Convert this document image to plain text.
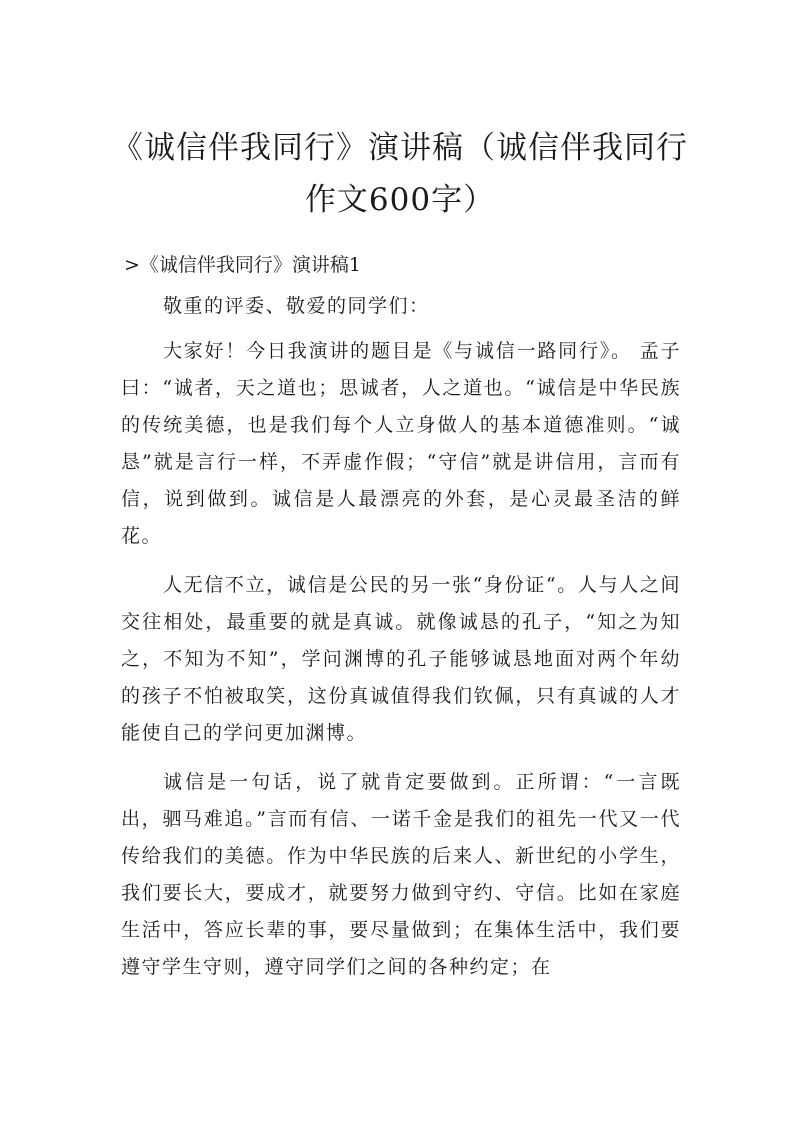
《诚信伴我同行》演讲稿（诚信伴我同行作文600字）
>《诚信伴我同行》演讲稿1

敬重的评委、敬爱的同学们：

大家好！今日我演讲的题目是《与诚信一路同行》。 孟子曰：“诚者，天之道也；思诚者，人之道也。“诚信是中华民族的传统美德，也是我们每个人立身做人的基本道德准则。“诚恳”就是言行一样，不弄虚作假；“守信”就是讲信用，言而有信，说到做到。诚信是人最漂亮的外套，是心灵最圣洁的鲜花。

人无信不立，诚信是公民的另一张“身份证“。人与人之间交往相处，最重要的就是真诚。就像诚恳的孔子，“知之为知之，不知为不知”，学问渊博的孔子能够诚恳地面对两个年幼的孩子不怕被取笑，这份真诚值得我们钦佩，只有真诚的人才能使自己的学问更加渊博。

诚信是一句话，说了就肯定要做到。正所谓：“一言既出，驷马难追。”言而有信、一诺千金是我们的祖先一代又一代传给我们的美德。作为中华民族的后来人、新世纪的小学生，我们要长大，要成才，就要努力做到守约、守信。比如在家庭生活中，答应长辈的事，要尽量做到；在集体生活中，我们要遵守学生守则，遵守同学们之间的各种约定；在
